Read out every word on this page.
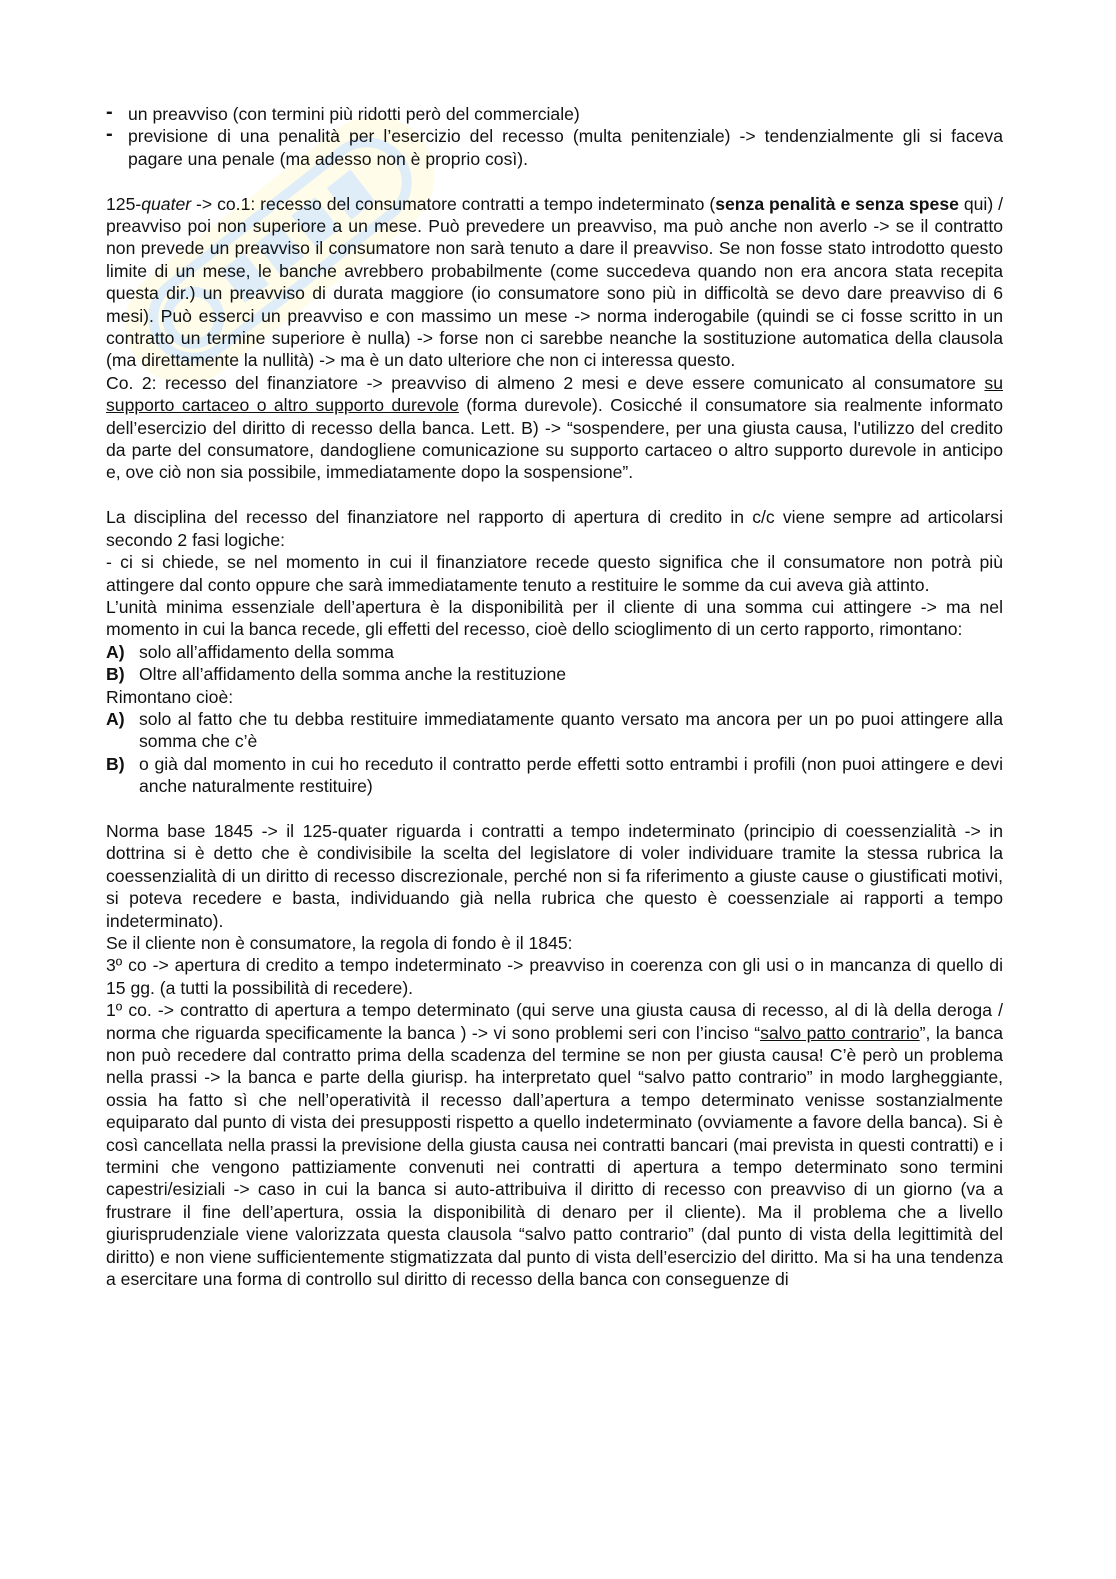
- un preavviso (con termini più ridotti però del commerciale)

- previsione di una penalità per l’esercizio del recesso (multa penitenziale) -> tendenzialmente gli si faceva pagare una penale (ma adesso non è proprio così).

125-quater -> co.1: recesso del consumatore contratti a tempo indeterminato (senza penalità e senza spese qui) / preavviso poi non superiore a un mese. Può prevedere un preavviso, ma può anche non averlo -> se il contratto non prevede un preavviso il consumatore non sarà tenuto a dare il preavviso. Se non fosse stato introdotto questo limite di un mese, le banche avrebbero probabilmente (come succedeva quando non era ancora stata recepita questa dir.) un preavviso di durata maggiore (io consumatore sono più in difficoltà se devo dare preavviso di 6 mesi). Può esserci un preavviso e con massimo un mese -> norma inderogabile (quindi se ci fosse scritto in un contratto un termine superiore è nulla) -> forse non ci sarebbe neanche la sostituzione automatica della clausola (ma direttamente la nullità) -> ma è un dato ulteriore che non ci interessa questo.

Co. 2: recesso del finanziatore -> preavviso di almeno 2 mesi e deve essere comunicato al consumatore su supporto cartaceo o altro supporto durevole (forma durevole). Cosicché il consumatore sia realmente informato dell’esercizio del diritto di recesso della banca. Lett. B) -> “sospendere, per una giusta causa, l'utilizzo del credito da parte del consumatore, dandogliene comunicazione su supporto cartaceo o altro supporto durevole in anticipo e, ove ciò non sia possibile, immediatamente dopo la sospensione”.

La disciplina del recesso del finanziatore nel rapporto di apertura di credito in c/c viene sempre ad articolarsi secondo 2 fasi logiche:

- ci si chiede, se nel momento in cui il finanziatore recede questo significa che il consumatore non potrà più attingere dal conto oppure che sarà immediatamente tenuto a restituire le somme da cui aveva già attinto.

L’unità minima essenziale dell’apertura è la disponibilità per il cliente di una somma cui attingere -> ma nel momento in cui la banca recede, gli effetti del recesso, cioè dello scioglimento di un certo rapporto, rimontano:

A) solo all’affidamento della somma

B) Oltre all’affidamento della somma anche la restituzione

Rimontano cioè:

A) solo al fatto che tu debba restituire immediatamente quanto versato ma ancora per un po puoi attingere alla somma che c’è

B) o già dal momento in cui ho receduto il contratto perde effetti sotto entrambi i profili (non puoi attingere e devi anche naturalmente restituire)

Norma base 1845 -> il 125-quater riguarda i contratti a tempo indeterminato (principio di coessenzialità -> in dottrina si è detto che è condivisibile la scelta del legislatore di voler individuare tramite la stessa rubrica la coessenzialità di un diritto di recesso discrezionale, perché non si fa riferimento a giuste cause o giustificati motivi, si poteva recedere e basta, individuando già nella rubrica che questo è coessenziale ai rapporti a tempo indeterminato).

Se il cliente non è consumatore, la regola di fondo è il 1845:

3º co -> apertura di credito a tempo indeterminato -> preavviso in coerenza con gli usi o in mancanza di quello di 15 gg. (a tutti la possibilità di recedere).

1º co. -> contratto di apertura a tempo determinato (qui serve una giusta causa di recesso, al di là della deroga / norma che riguarda specificamente la banca ) -> vi sono problemi seri con l’inciso “salvo patto contrario”, la banca non può recedere dal contratto prima della scadenza del termine se non per giusta causa! C’è però un problema nella prassi -> la banca e parte della giurisp. ha interpretato quel “salvo patto contrario” in modo largheggiante, ossia ha fatto sì che nell’operatività il recesso dall’apertura a tempo determinato venisse sostanzialmente equiparato dal punto di vista dei presupposti rispetto a quello indeterminato (ovviamente a favore della banca). Si è così cancellata nella prassi la previsione della giusta causa nei contratti bancari (mai prevista in questi contratti) e i termini che vengono pattiziamente convenuti nei contratti di apertura a tempo determinato sono termini capestri/esiziali -> caso in cui la banca si auto-attribuiva il diritto di recesso con preavviso di un giorno (va a frustrare il fine dell’apertura, ossia la disponibilità di denaro per il cliente). Ma il problema che a livello giurisprudenziale viene valorizzata questa clausola “salvo patto contrario” (dal punto di vista della legittimità del diritto) e non viene sufficientemente stigmatizzata dal punto di vista dell’esercizio del diritto. Ma si ha una tendenza a esercitare una forma di controllo sul diritto di recesso della banca con conseguenze di
